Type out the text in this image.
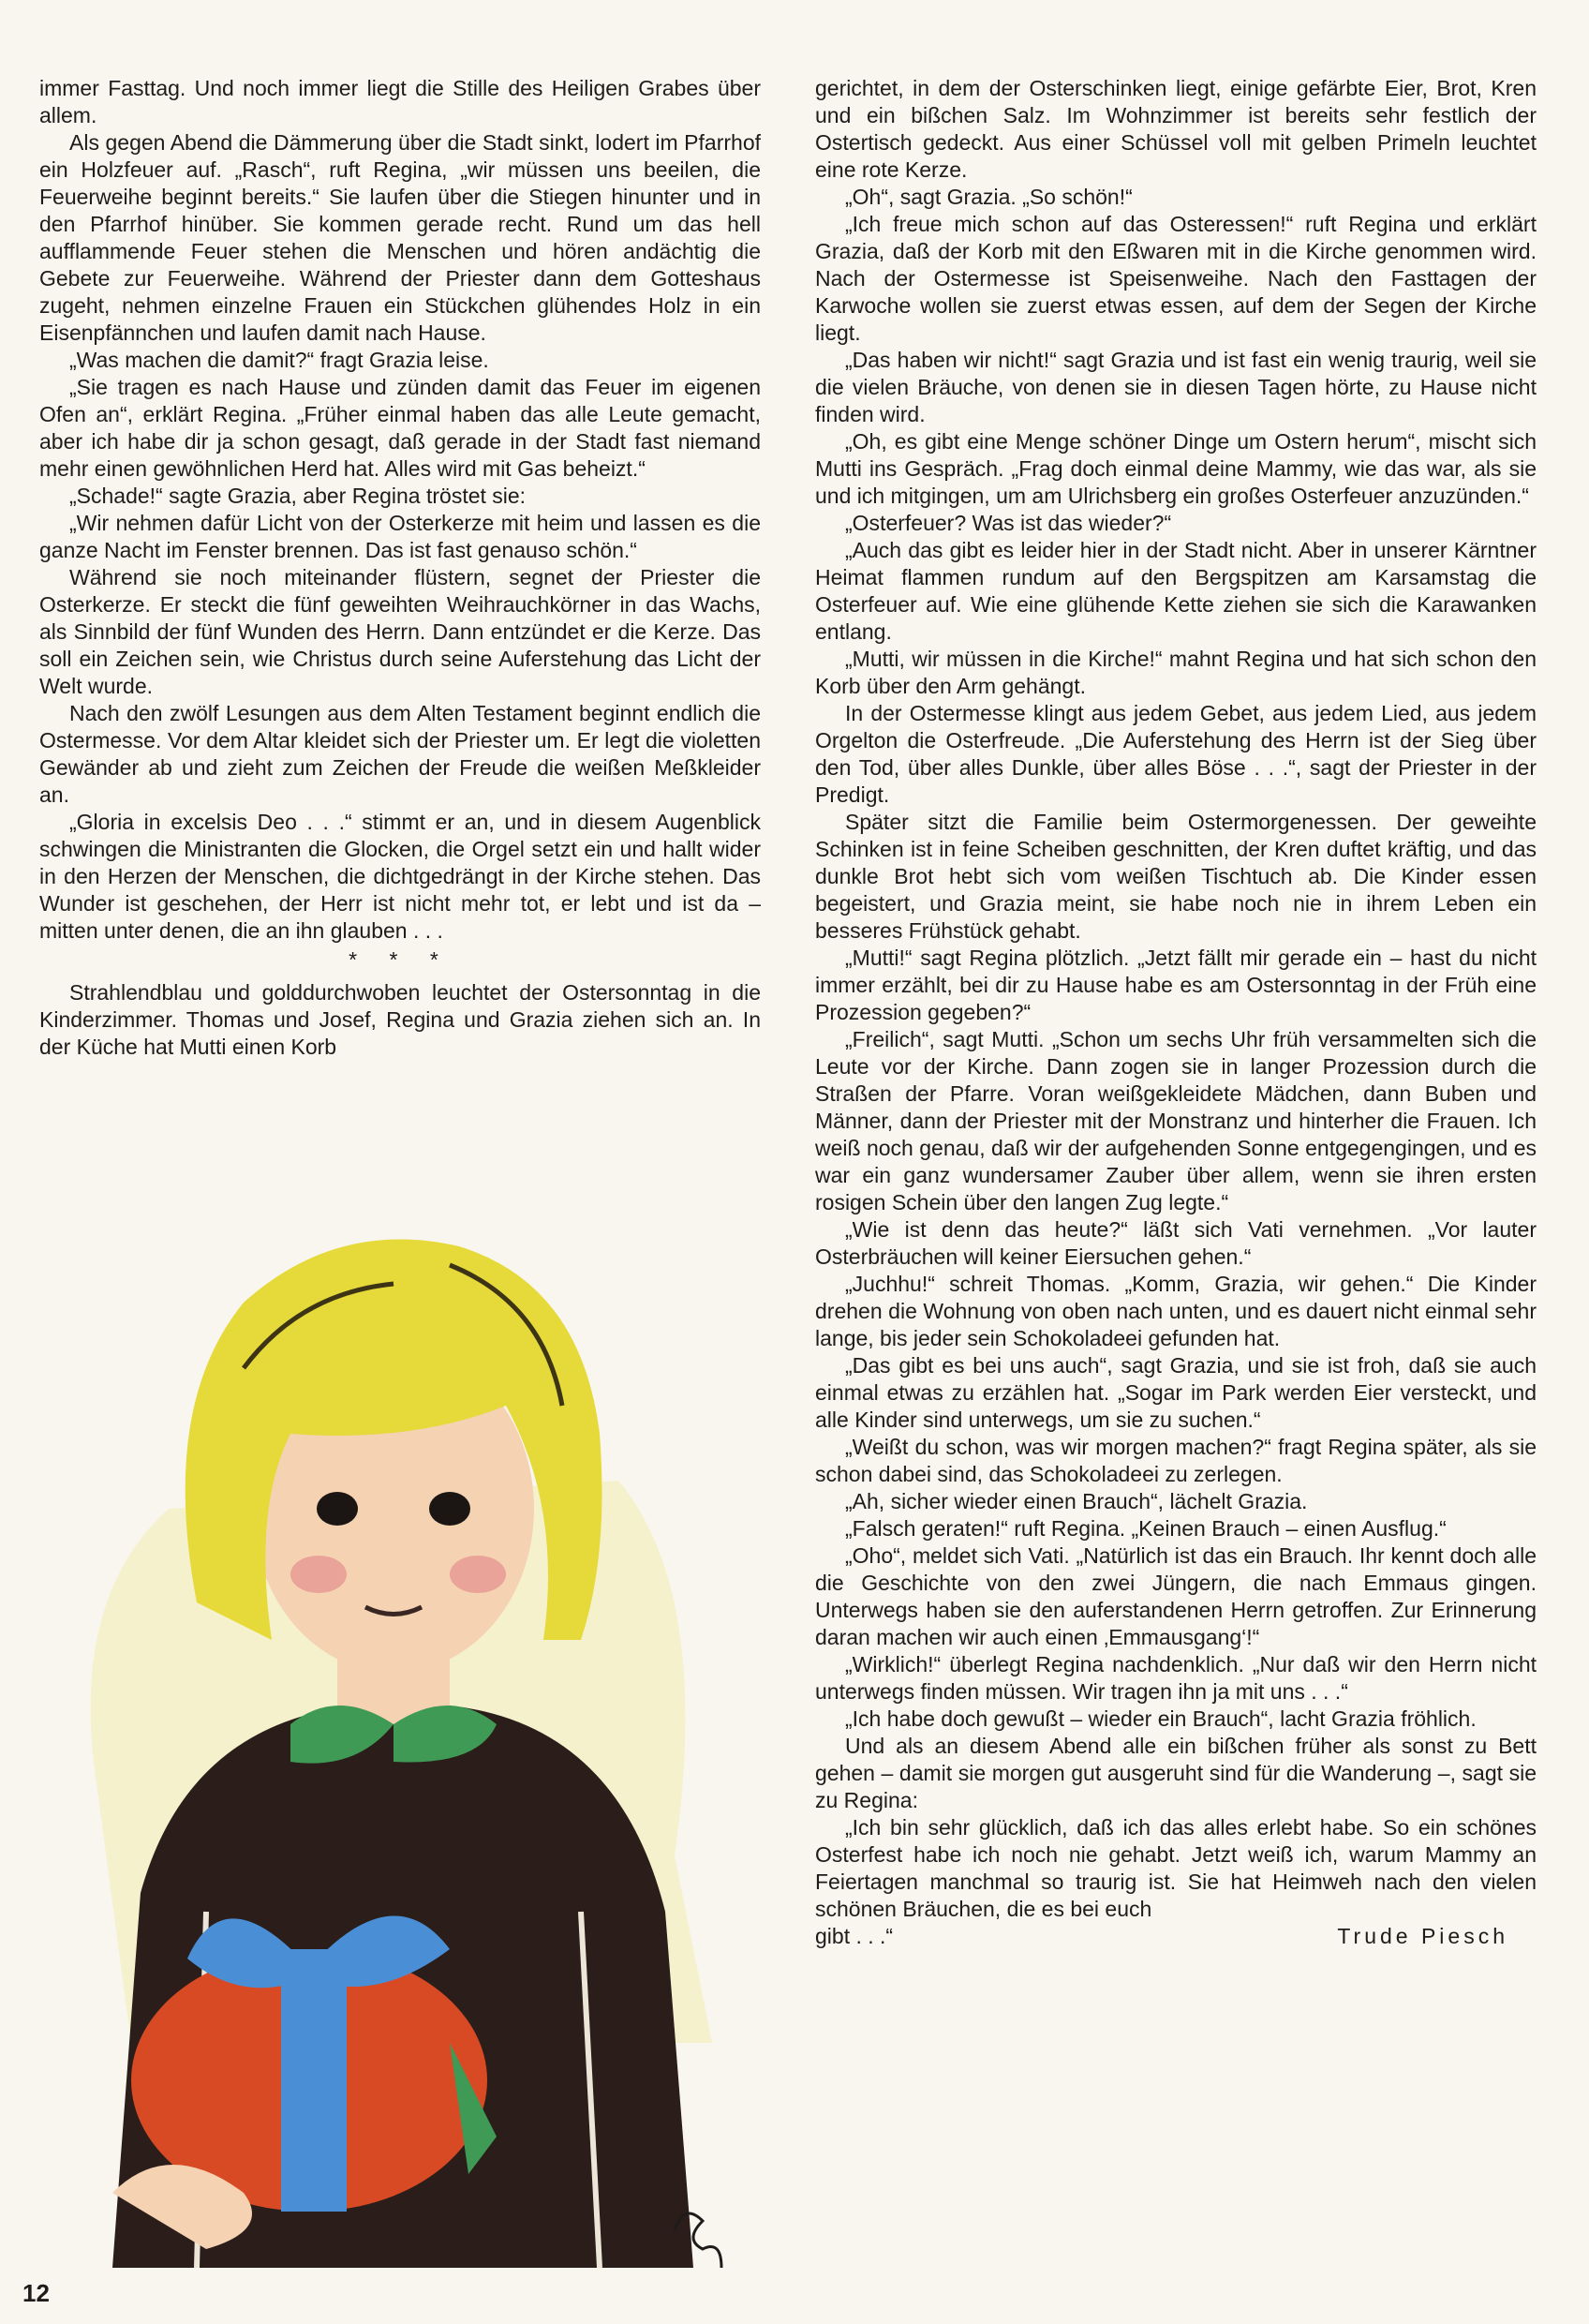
immer Fasttag. Und noch immer liegt die Stille des Heiligen Grabes über allem.

Als gegen Abend die Dämmerung über die Stadt sinkt, lodert im Pfarrhof ein Holzfeuer auf. „Rasch“, ruft Regina, „wir müssen uns beeilen, die Feuerweihe beginnt bereits.“ Sie laufen über die Stiegen hinunter und in den Pfarrhof hinüber. Sie kommen gerade recht. Rund um das hell aufflammende Feuer stehen die Menschen und hören andächtig die Gebete zur Feuerweihe. Während der Priester dann dem Gotteshaus zugeht, nehmen einzelne Frauen ein Stückchen glühendes Holz in ein Eisenpfännchen und laufen damit nach Hause.

„Was machen die damit?“ fragt Grazia leise.

„Sie tragen es nach Hause und zünden damit das Feuer im eigenen Ofen an“, erklärt Regina. „Früher einmal haben das alle Leute gemacht, aber ich habe dir ja schon gesagt, daß gerade in der Stadt fast niemand mehr einen gewöhnlichen Herd hat. Alles wird mit Gas beheizt.“

„Schade!“ sagte Grazia, aber Regina tröstet sie:

„Wir nehmen dafür Licht von der Osterkerze mit heim und lassen es die ganze Nacht im Fenster brennen. Das ist fast genauso schön.“

Während sie noch miteinander flüstern, segnet der Priester die Osterkerze. Er steckt die fünf geweihten Weihrauchkörner in das Wachs, als Sinnbild der fünf Wunden des Herrn. Dann entzündet er die Kerze. Das soll ein Zeichen sein, wie Christus durch seine Auferstehung das Licht der Welt wurde.

Nach den zwölf Lesungen aus dem Alten Testament beginnt endlich die Ostermesse. Vor dem Altar kleidet sich der Priester um. Er legt die violetten Gewänder ab und zieht zum Zeichen der Freude die weißen Meßkleider an.

„Gloria in excelsis Deo . . .“ stimmt er an, und in diesem Augenblick schwingen die Ministranten die Glocken, die Orgel setzt ein und hallt wider in den Herzen der Menschen, die dichtgedrängt in der Kirche stehen. Das Wunder ist geschehen, der Herr ist nicht mehr tot, er lebt und ist da – mitten unter denen, die an ihn glauben . . .

* * *

Strahlendblau und golddurchwoben leuchtet der Ostersonntag in die Kinderzimmer. Thomas und Josef, Regina und Grazia ziehen sich an. In der Küche hat Mutti einen Korb

gerichtet, in dem der Osterschinken liegt, einige gefärbte Eier, Brot, Kren und ein bißchen Salz. Im Wohnzimmer ist bereits sehr festlich der Ostertisch gedeckt. Aus einer Schüssel voll mit gelben Primeln leuchtet eine rote Kerze.

„Oh“, sagt Grazia. „So schön!“

„Ich freue mich schon auf das Osteressen!“ ruft Regina und erklärt Grazia, daß der Korb mit den Eßwaren mit in die Kirche genommen wird. Nach der Ostermesse ist Speisenweihe. Nach den Fasttagen der Karwoche wollen sie zuerst etwas essen, auf dem der Segen der Kirche liegt.

„Das haben wir nicht!“ sagt Grazia und ist fast ein wenig traurig, weil sie die vielen Bräuche, von denen sie in diesen Tagen hörte, zu Hause nicht finden wird.

„Oh, es gibt eine Menge schöner Dinge um Ostern herum“, mischt sich Mutti ins Gespräch. „Frag doch einmal deine Mammy, wie das war, als sie und ich mitgingen, um am Ulrichsberg ein großes Osterfeuer anzuzünden.“

„Osterfeuer? Was ist das wieder?“

„Auch das gibt es leider hier in der Stadt nicht. Aber in unserer Kärntner Heimat flammen rundum auf den Bergspitzen am Karsamstag die Osterfeuer auf. Wie eine glühende Kette ziehen sie sich die Karawanken entlang.

„Mutti, wir müssen in die Kirche!“ mahnt Regina und hat sich schon den Korb über den Arm gehängt.

In der Ostermesse klingt aus jedem Gebet, aus jedem Lied, aus jedem Orgelton die Osterfreude. „Die Auferstehung des Herrn ist der Sieg über den Tod, über alles Dunkle, über alles Böse . . .“, sagt der Priester in der Predigt.

Später sitzt die Familie beim Ostermorgenessen. Der geweihte Schinken ist in feine Scheiben geschnitten, der Kren duftet kräftig, und das dunkle Brot hebt sich vom weißen Tischtuch ab. Die Kinder essen begeistert, und Grazia meint, sie habe noch nie in ihrem Leben ein besseres Frühstück gehabt.

„Mutti!“ sagt Regina plötzlich. „Jetzt fällt mir gerade ein – hast du nicht immer erzählt, bei dir zu Hause habe es am Ostersonntag in der Früh eine Prozession gegeben?“

„Freilich“, sagt Mutti. „Schon um sechs Uhr früh versammelten sich die Leute vor der Kirche. Dann zogen sie in langer Prozession durch die Straßen der Pfarre. Voran weißgekleidete Mädchen, dann Buben und Männer, dann der Priester mit der Monstranz und hinterher die Frauen. Ich weiß noch genau, daß wir der aufgehenden Sonne entgegengingen, und es war ein ganz wundersamer Zauber über allem, wenn sie ihren ersten rosigen Schein über den langen Zug legte.“

„Wie ist denn das heute?“ läßt sich Vati vernehmen. „Vor lauter Osterbräuchen will keiner Eiersuchen gehen.“

„Juchhu!“ schreit Thomas. „Komm, Grazia, wir gehen.“ Die Kinder drehen die Wohnung von oben nach unten, und es dauert nicht einmal sehr lange, bis jeder sein Schokoladeei gefunden hat.

„Das gibt es bei uns auch“, sagt Grazia, und sie ist froh, daß sie auch einmal etwas zu erzählen hat. „Sogar im Park werden Eier versteckt, und alle Kinder sind unterwegs, um sie zu suchen.“

„Weißt du schon, was wir morgen machen?“ fragt Regina später, als sie schon dabei sind, das Schokoladeei zu zerlegen.

„Ah, sicher wieder einen Brauch“, lächelt Grazia.

„Falsch geraten!“ ruft Regina. „Keinen Brauch – einen Ausflug.“

„Oho“, meldet sich Vati. „Natürlich ist das ein Brauch. Ihr kennt doch alle die Geschichte von den zwei Jüngern, die nach Emmaus gingen. Unterwegs haben sie den auferstandenen Herrn getroffen. Zur Erinnerung daran machen wir auch einen ‚Emmausgang‘!“

„Wirklich!“ überlegt Regina nachdenklich. „Nur daß wir den Herrn nicht unterwegs finden müssen. Wir tragen ihn ja mit uns . . .“

„Ich habe doch gewußt – wieder ein Brauch“, lacht Grazia fröhlich.

Und als an diesem Abend alle ein bißchen früher als sonst zu Bett gehen – damit sie morgen gut ausgeruht sind für die Wanderung –, sagt sie zu Regina:

„Ich bin sehr glücklich, daß ich das alles erlebt habe. So ein schönes Osterfest habe ich noch nie gehabt. Jetzt weiß ich, warum Mammy an Feiertagen manchmal so traurig ist. Sie hat Heimweh nach den vielen schönen Bräuchen, die es bei euch

gibt . . .“	Trude Piesch
12
